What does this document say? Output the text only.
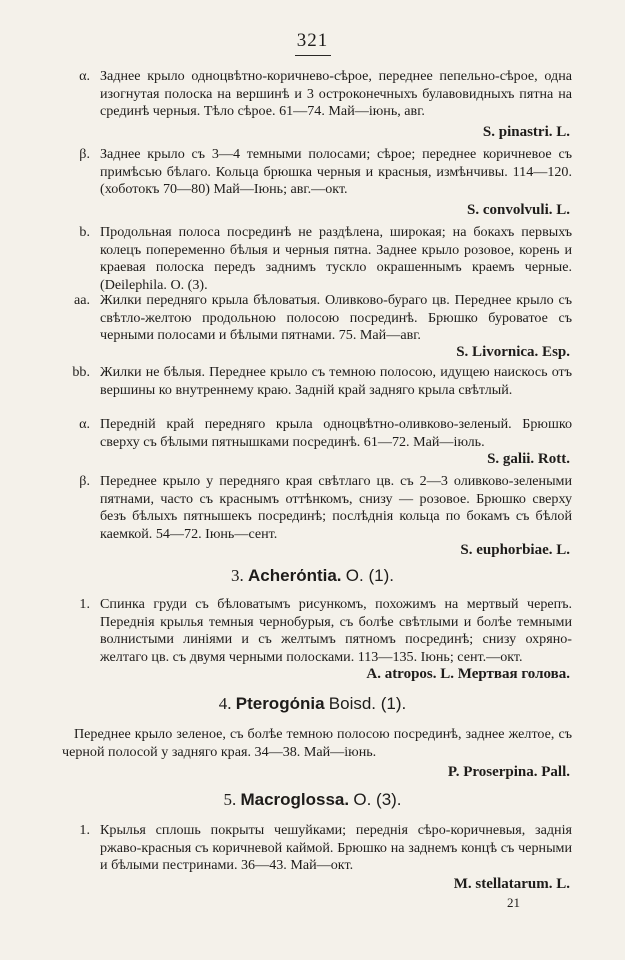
321
α. Заднее крыло одноцвѣтно-коричнево-сѣрое, переднее пепельно-сѣрое, одна изогнутая полоска на вершинѣ и 3 остроконечныхъ булавовидныхъ пятна на срединѣ черныя. Тѣло сѣрое. 61—74. Май—іюнь, авг.
S. pinastri. L.
β. Заднее крыло съ 3—4 темными полосами; сѣрое; переднее коричневое съ примѣсью бѣлаго. Кольца брюшка черныя и красныя, измѣнчивы. 114—120. (хоботокъ 70—80) Май—Іюнь; авг.—окт.
S. convolvuli. L.
b. Продольная полоса посрединѣ не раздѣлена, широкая; на бокахъ первыхъ колецъ попеременно бѣлыя и черныя пятна. Заднее крыло розовое, корень и краевая полоска передъ заднимъ тускло окрашеннымъ краемъ черные. (Deilephila. O. (3).
aa. Жилки передняго крыла бѣловатыя. Оливково-бураго цв. Переднее крыло съ свѣтло-желтою продольною полосою посрединѣ. Брюшко буроватое съ черными полосами и бѣлыми пятнами. 75. Май—авг.
S. Livornica. Esp.
bb. Жилки не бѣлыя. Переднее крыло съ темною полосою, идущею наискось отъ вершины ко внутреннему краю. Задній край задняго крыла свѣтлый.
α. Передній край передняго крыла одноцвѣтно-оливково-зеленый. Брюшко сверху съ бѣлыми пятнышками посрединѣ. 61—72. Май—іюль.
S. galii. Rott.
β. Переднее крыло у передняго края свѣтлаго цв. съ 2—3 оливково-зелеными пятнами, часто съ краснымъ оттѣнкомъ, снизу — розовое. Брюшко сверху безъ бѣлыхъ пятнышекъ посрединѣ; послѣднія кольца по бокамъ съ бѣлой каемкой. 54—72. Іюнь—сент.
S. euphorbiae. L.
3. Acherόntia. O. (1).
1. Спинка груди съ бѣловатымъ рисункомъ, похожимъ на мертвый черепъ. Переднія крылья темныя чернобурыя, съ болѣе свѣтлыми и болѣе темными волнистыми линіями и съ желтымъ пятномъ посрединѣ; снизу охряно-желтаго цв. съ двумя черными полосками. 113—135. Іюнь; сент.—окт.
A. atropos. L. Мертвая голова.
4. Pterogόnia Boisd. (1).
Переднее крыло зеленое, съ болѣе темною полосою посрединѣ, заднее желтое, съ черной полосой у задняго края. 34—38. Май—іюнь.
P. Proserpina. Pall.
5. Macroglossa. O. (3).
1. Крылья сплошь покрыты чешуйками; переднія сѣро-коричневыя, заднія ржаво-красныя съ коричневой каймой. Брюшко на заднемъ концѣ съ черными и бѣлыми пестринами. 36—43. Май—окт.
M. stellatarum. L.
21
